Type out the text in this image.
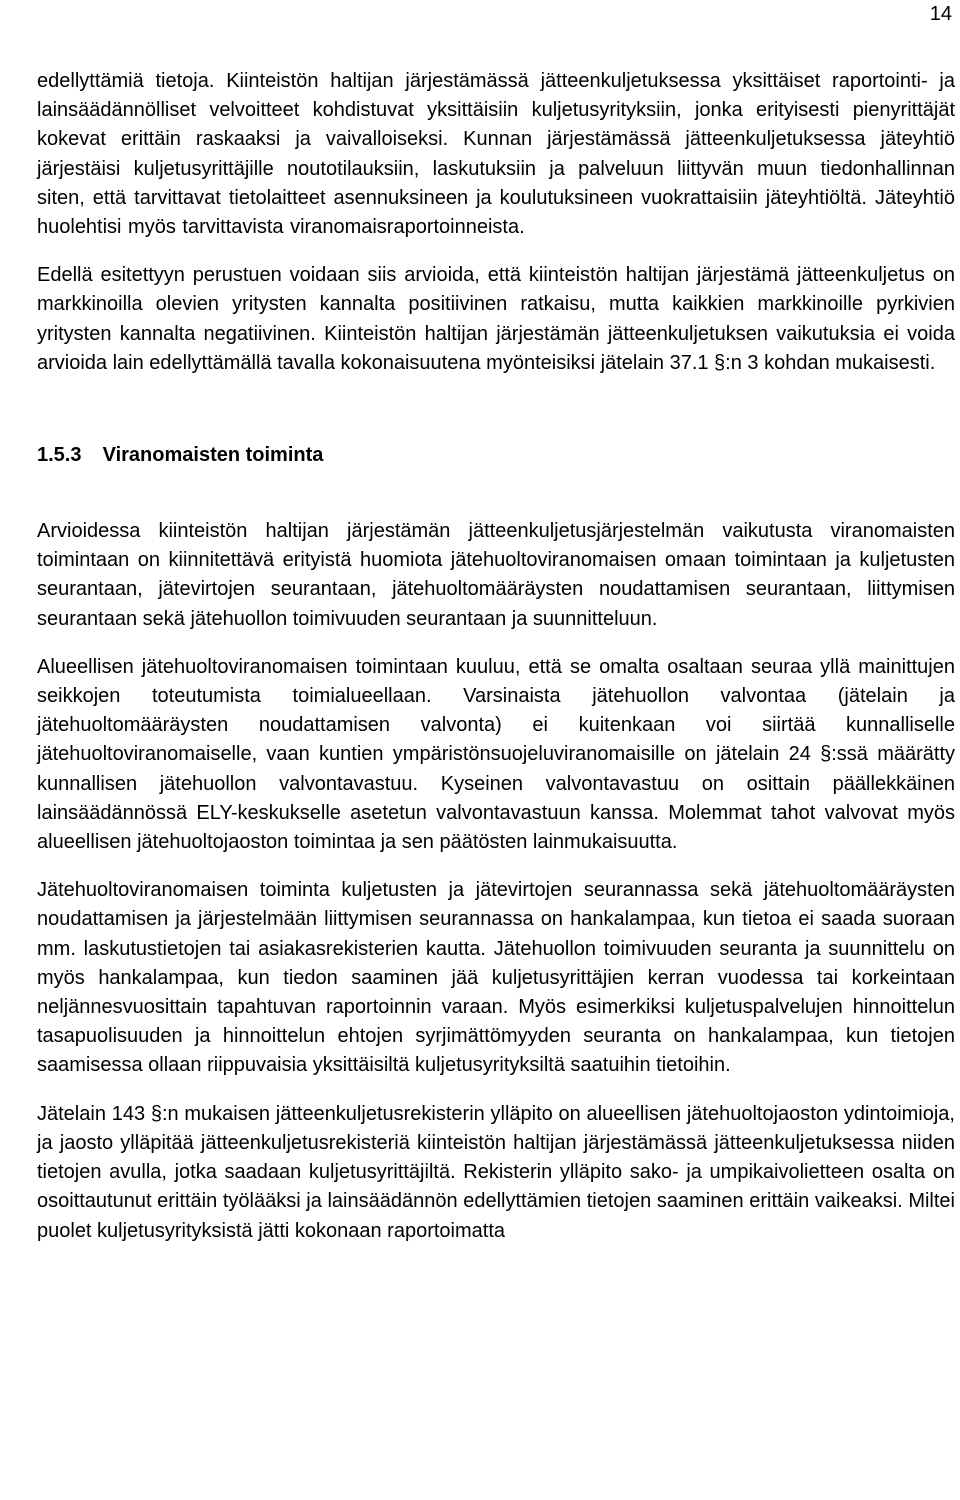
14

edellyttämiä tietoja. Kiinteistön haltijan järjestämässä jätteenkuljetuksessa yksittäiset raportointi- ja lainsäädännölliset velvoitteet kohdistuvat yksittäisiin kuljetusyrityksiin, jonka erityisesti pienyrittäjät kokevat erittäin raskaaksi ja vaivalloiseksi. Kunnan järjestämässä jätteenkuljetuksessa jäteyhtiö järjestäisi kuljetusyrittäjille noutotilauksiin, laskutuksiin ja palveluun liittyvän muun tiedonhallinnan siten, että tarvittavat tietolaitteet asennuksineen ja koulutuksineen vuokrattaisiin jäteyhtiöltä. Jäteyhtiö huolehtisi myös tarvittavista viranomaisraportoinneista.

Edellä esitettyyn perustuen voidaan siis arvioida, että kiinteistön haltijan järjestämä jätteenkuljetus on markkinoilla olevien yritysten kannalta positiivinen ratkaisu, mutta kaikkien markkinoille pyrkivien yritysten kannalta negatiivinen. Kiinteistön haltijan järjestämän jätteenkuljetuksen vaikutuksia ei voida arvioida lain edellyttämällä tavalla kokonaisuutena myönteisiksi jätelain 37.1 §:n 3 kohdan mukaisesti.

1.5.3 Viranomaisten toiminta

Arvioidessa kiinteistön haltijan järjestämän jätteenkuljetusjärjestelmän vaikutusta viranomaisten toimintaan on kiinnitettävä erityistä huomiota jätehuoltoviranomaisen omaan toimintaan ja kuljetusten seurantaan, jätevirtojen seurantaan, jätehuoltomääräysten noudattamisen seurantaan, liittymisen seurantaan sekä jätehuollon toimivuuden seurantaan ja suunnitteluun.

Alueellisen jätehuoltoviranomaisen toimintaan kuuluu, että se omalta osaltaan seuraa yllä mainittujen seikkojen toteutumista toimialueellaan. Varsinaista jätehuollon valvontaa (jätelain ja jätehuoltomääräysten noudattamisen valvonta) ei kuitenkaan voi siirtää kunnalliselle jätehuoltoviranomaiselle, vaan kuntien ympäristönsuojeluviranomaisille on jätelain 24 §:ssä määrätty kunnallisen jätehuollon valvontavastuu. Kyseinen valvontavastuu on osittain päällekkäinen lainsäädännössä ELY-keskukselle asetetun valvontavastuun kanssa. Molemmat tahot valvovat myös alueellisen jätehuoltojaoston toimintaa ja sen päätösten lainmukaisuutta.

Jätehuoltoviranomaisen toiminta kuljetusten ja jätevirtojen seurannassa sekä jätehuoltomääräysten noudattamisen ja järjestelmään liittymisen seurannassa on hankalampaa, kun tietoa ei saada suoraan mm. laskutustietojen tai asiakasrekisterien kautta. Jätehuollon toimivuuden seuranta ja suunnittelu on myös hankalampaa, kun tiedon saaminen jää kuljetusyrittäjien kerran vuodessa tai korkeintaan neljännesvuosittain tapahtuvan raportoinnin varaan. Myös esimerkiksi kuljetuspalvelujen hinnoittelun tasapuolisuuden ja hinnoittelun ehtojen syrjimättömyyden seuranta on hankalampaa, kun tietojen saamisessa ollaan riippuvaisia yksittäisiltä kuljetusyrityksiltä saatuihin tietoihin.

Jätelain 143 §:n mukaisen jätteenkuljetusrekisterin ylläpito on alueellisen jätehuoltojaoston ydintoimioja, ja jaosto ylläpitää jätteenkuljetusrekisteriä kiinteistön haltijan järjestämässä jätteenkuljetuksessa niiden tietojen avulla, jotka saadaan kuljetusyrittäjiltä. Rekisterin ylläpito sako- ja umpikaivolietteen osalta on osoittautunut erittäin työlääksi ja lainsäädännön edellyttämien tietojen saaminen erittäin vaikeaksi. Miltei puolet kuljetusyrityksistä jätti kokonaan raportoimatta
